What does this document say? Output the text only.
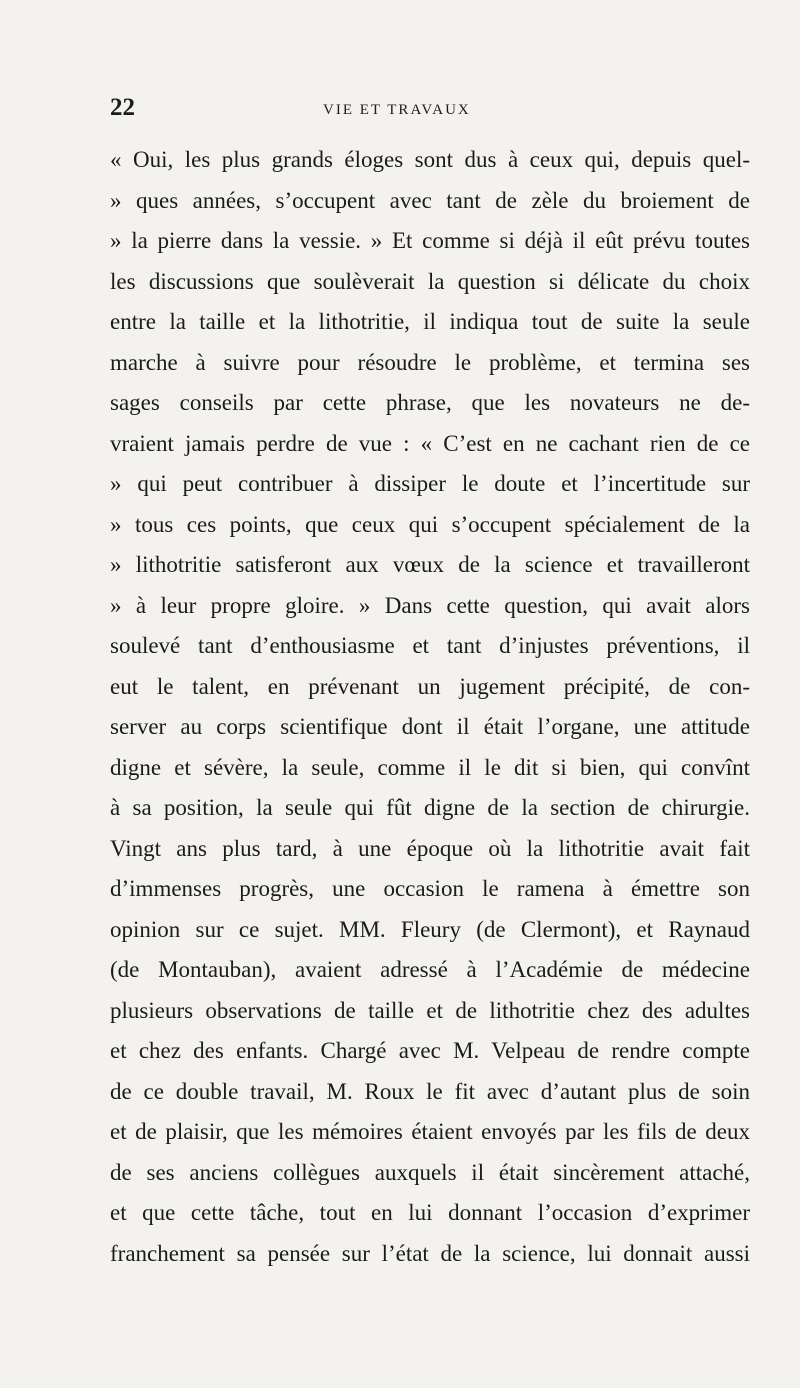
22	VIE ET TRAVAUX
« Oui, les plus grands éloges sont dus à ceux qui, depuis quel-
» ques années, s’occupent avec tant de zèle du broiement de
» la pierre dans la vessie. » Et comme si déjà il eût prévu toutes
les discussions que soulèverait la question si délicate du choix
entre la taille et la lithotritie, il indiqua tout de suite la seule
marche à suivre pour résoudre le problème, et termina ses
sages conseils par cette phrase, que les novateurs ne de-
vraient jamais perdre de vue : « C’est en ne cachant rien de ce
» qui peut contribuer à dissiper le doute et l’incertitude sur
» tous ces points, que ceux qui s’occupent spécialement de la
» lithotritie satisferont aux vœux de la science et travailleront
» à leur propre gloire. » Dans cette question, qui avait alors
soulevé tant d’enthousiasme et tant d’injustes préventions, il
eut le talent, en prévenant un jugement précipité, de con-
server au corps scientifique dont il était l’organe, une attitude
digne et sévère, la seule, comme il le dit si bien, qui convînt
à sa position, la seule qui fût digne de la section de chirurgie.
Vingt ans plus tard, à une époque où la lithotritie avait fait
d’immenses progrès, une occasion le ramena à émettre son
opinion sur ce sujet. MM. Fleury (de Clermont), et Raynaud
(de Montauban), avaient adressé à l’Académie de médecine
plusieurs observations de taille et de lithotritie chez des adultes
et chez des enfants. Chargé avec M. Velpeau de rendre compte
de ce double travail, M. Roux le fit avec d’autant plus de soin
et de plaisir, que les mémoires étaient envoyés par les fils de deux
de ses anciens collègues auxquels il était sincèrement attaché,
et que cette tâche, tout en lui donnant l’occasion d’exprimer
franchement sa pensée sur l’état de la science, lui donnait aussi
